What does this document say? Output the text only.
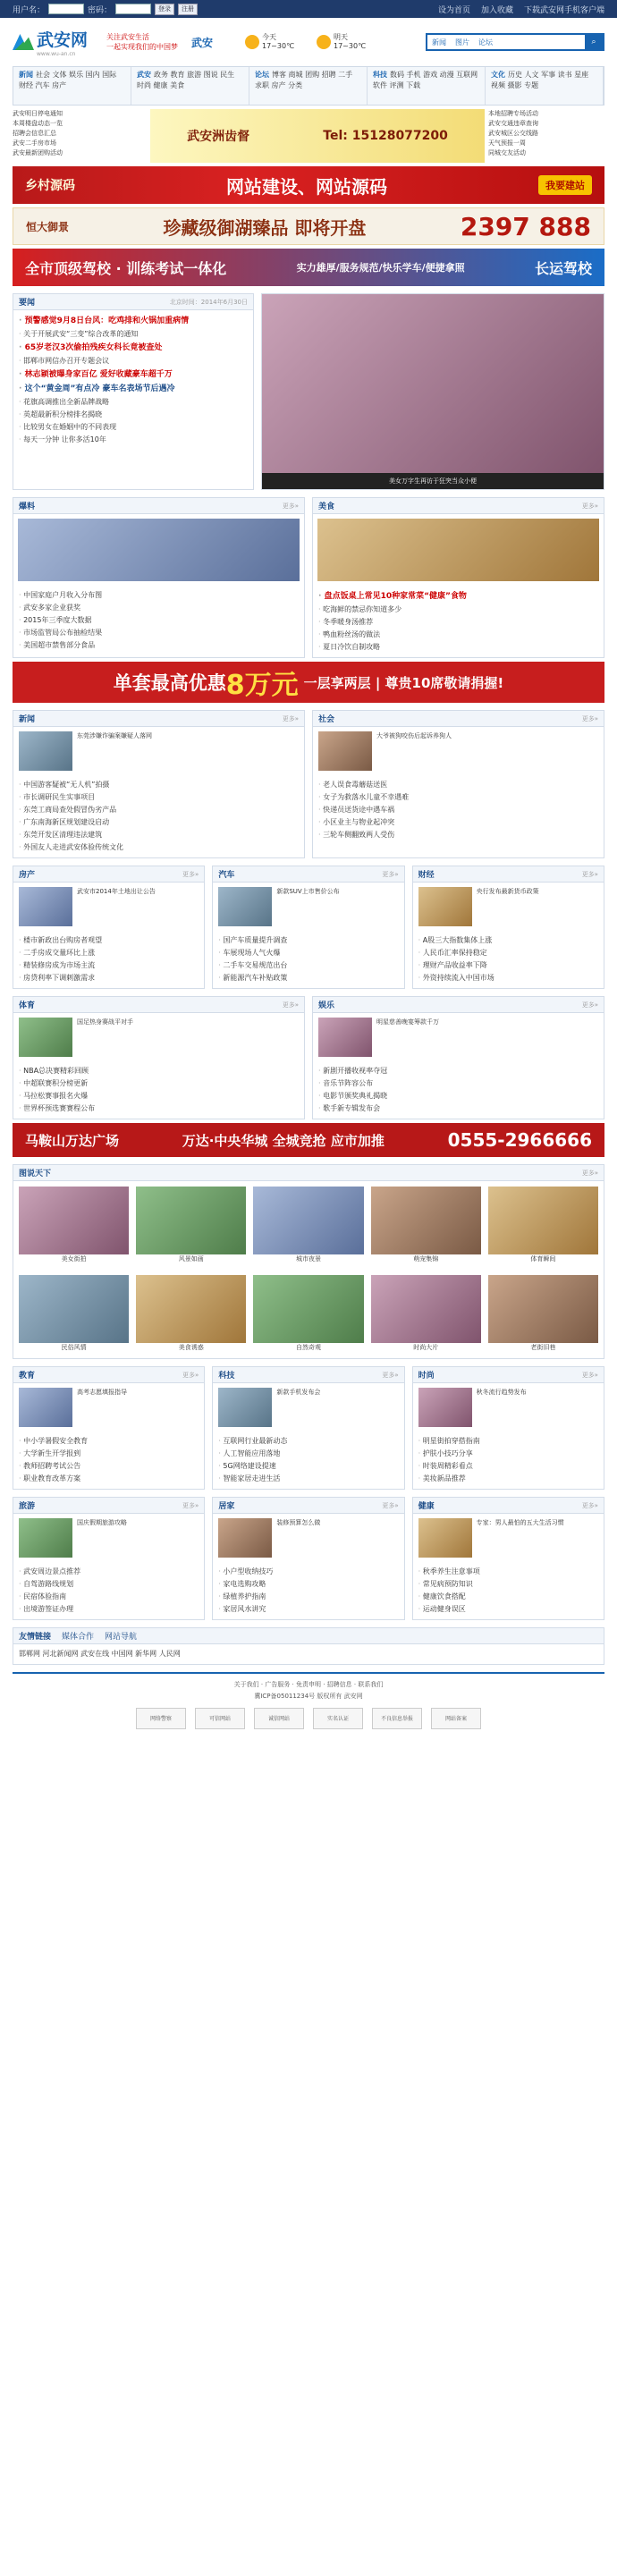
用户名：	密码：	登录	注册	设为首页 加入收藏 下载武安网手机客户端
武安网
www.wu-an.cn
关注武安生活
一起实现我们的中国梦	武安	今天
17~30℃
明天
17~30℃	新闻	图片	论坛	⌕
新闻 社会 文体 娱乐 国内 国际 财经 汽车 房产
武安 政务 教育 旅游 图说 民生 时尚 健康 美食
论坛 博客 商城 团购 招聘 二手 求职 房产 分类
科技 数码 手机 游戏 动漫 互联网 软件 评测 下载
文化 历史 人文 军事 读书 星座 视频 摄影 专题
武安明日停电通知
本周楼盘动态一览
招聘会信息汇总
武安二手房市场
武安最新团购活动
武安洲齿督	Tel: 15128077200
本地招聘专场活动
武安交通违章查询
武安城区公交线路
天气预报一周
同城交友活动
乡村源码	网站建设、网站源码	我要建站
恒大御景	珍藏级御湖臻品 即将开盘	2397 888
全市顶级驾校 · 训练考试一体化	实力雄厚/服务规范/快乐学车/便捷拿照	长运驾校
要闻	北京时间：2014年6月30日
· 预警感觉9月8日台风：吃鸡排和火锅加重病情
· 关于开展武安“三变”综合改革的通知
· 65岁老汉3次偷拍残疾女科长竟被查处
· 邯郸市网信办召开专题会议
· 林志颖被曝身家百亿 爱好收藏豪车超千万
· 这个“黄金周”有点冷 豪车名表场节后遇冷
· 花旗高调推出全新品牌战略
· 英超最新积分榜排名揭晓
· 比较男女在婚姻中的不同表现
· 每天一分钟 让你多活10年
美女万字生再访于狂突当众小便
爆料	更多»
· 中国家庭户月收入分布图
· 武安多家企业获奖
· 2015年三季度大数据
· 市场监管局公布抽检结果
· 美国超市禁售部分食品
美食	更多»
· 盘点饭桌上常见10种家常菜“健康”食物
· 吃海鲜的禁忌你知道多少
· 冬季暖身汤推荐
· 鸭血粉丝汤的做法
· 夏日冷饮自制攻略
单套最高优惠 8万元 一层享两层 | 尊贵10席敬请捐握!
新闻	更多»
东莞涉嫌诈骗案嫌疑人落网
· 中国游客疑被“无人机”拍摄
· 市长调研民生实事项目
· 东莞工商局查处假冒伪劣产品
· 广东南海新区规划建设启动
· 东莞开发区清理违法建筑
· 外国友人走进武安体验传统文化
社会	更多»
大爷被狗咬伤后起诉养狗人
· 老人误食毒蘑菇送医
· 女子为救落水儿童不幸遇难
· 快递员送货途中遇车祸
· 小区业主与物业起冲突
· 三轮车侧翻致两人受伤
房产	更多»
武安市2014年土地出让公告
· 楼市新政出台购房者观望
· 二手房成交量环比上涨
· 精装修房成为市场主流
· 房贷利率下调刺激需求
汽车	更多»
新款SUV上市售价公布
· 国产车质量提升调查
· 车展现场人气火爆
· 二手车交易规范出台
· 新能源汽车补贴政策
财经	更多»
央行发布最新货币政策
· A股三大指数集体上涨
· 人民币汇率保持稳定
· 理财产品收益率下降
· 外资持续流入中国市场
体育	更多»
国足热身赛战平对手
· NBA总决赛精彩回顾
· 中超联赛积分榜更新
· 马拉松赛事报名火爆
· 世界杯预选赛赛程公布
娱乐	更多»
明星慈善晚宴筹款千万
· 新剧开播收视率夺冠
· 音乐节阵容公布
· 电影节颁奖典礼揭晓
· 歌手新专辑发布会
马鞍山万达广场	万达·中央华城 全城竞抢 应市加推	0555-2966666
图说天下	更多»
美女街拍	风景如画	城市夜景	萌宠集锦	体育瞬间
民俗风情	美食诱惑	自然奇观	时尚大片	老街旧巷
教育	更多»
高考志愿填报指导
· 中小学暑假安全教育
· 大学新生开学报到
· 教师招聘考试公告
· 职业教育改革方案
科技	更多»
新款手机发布会
· 互联网行业最新动态
· 人工智能应用落地
· 5G网络建设提速
· 智能家居走进生活
时尚	更多»
秋冬流行趋势发布
· 明星街拍穿搭指南
· 护肤小技巧分享
· 时装周精彩看点
· 美妆新品推荐
旅游	更多»
国庆假期旅游攻略
· 武安周边景点推荐
· 自驾游路线规划
· 民宿体验指南
· 出境游签证办理
居家	更多»
装修预算怎么做
· 小户型收纳技巧
· 家电选购攻略
· 绿植养护指南
· 家居风水讲究
健康	更多»
专家：男人最怕的五大生活习惯
· 秋季养生注意事项
· 常见病预防知识
· 健康饮食搭配
· 运动健身误区
友情链接 媒体合作 网站导航
邯郸网 河北新闻网 武安在线 中国网 新华网 人民网
关于我们 · 广告服务 · 免责申明 · 招聘信息 · 联系我们
冀ICP备05011234号 版权所有 武安网
网络警察	可信网站	诚信网站	实名认证	不良信息举报	网站备案
